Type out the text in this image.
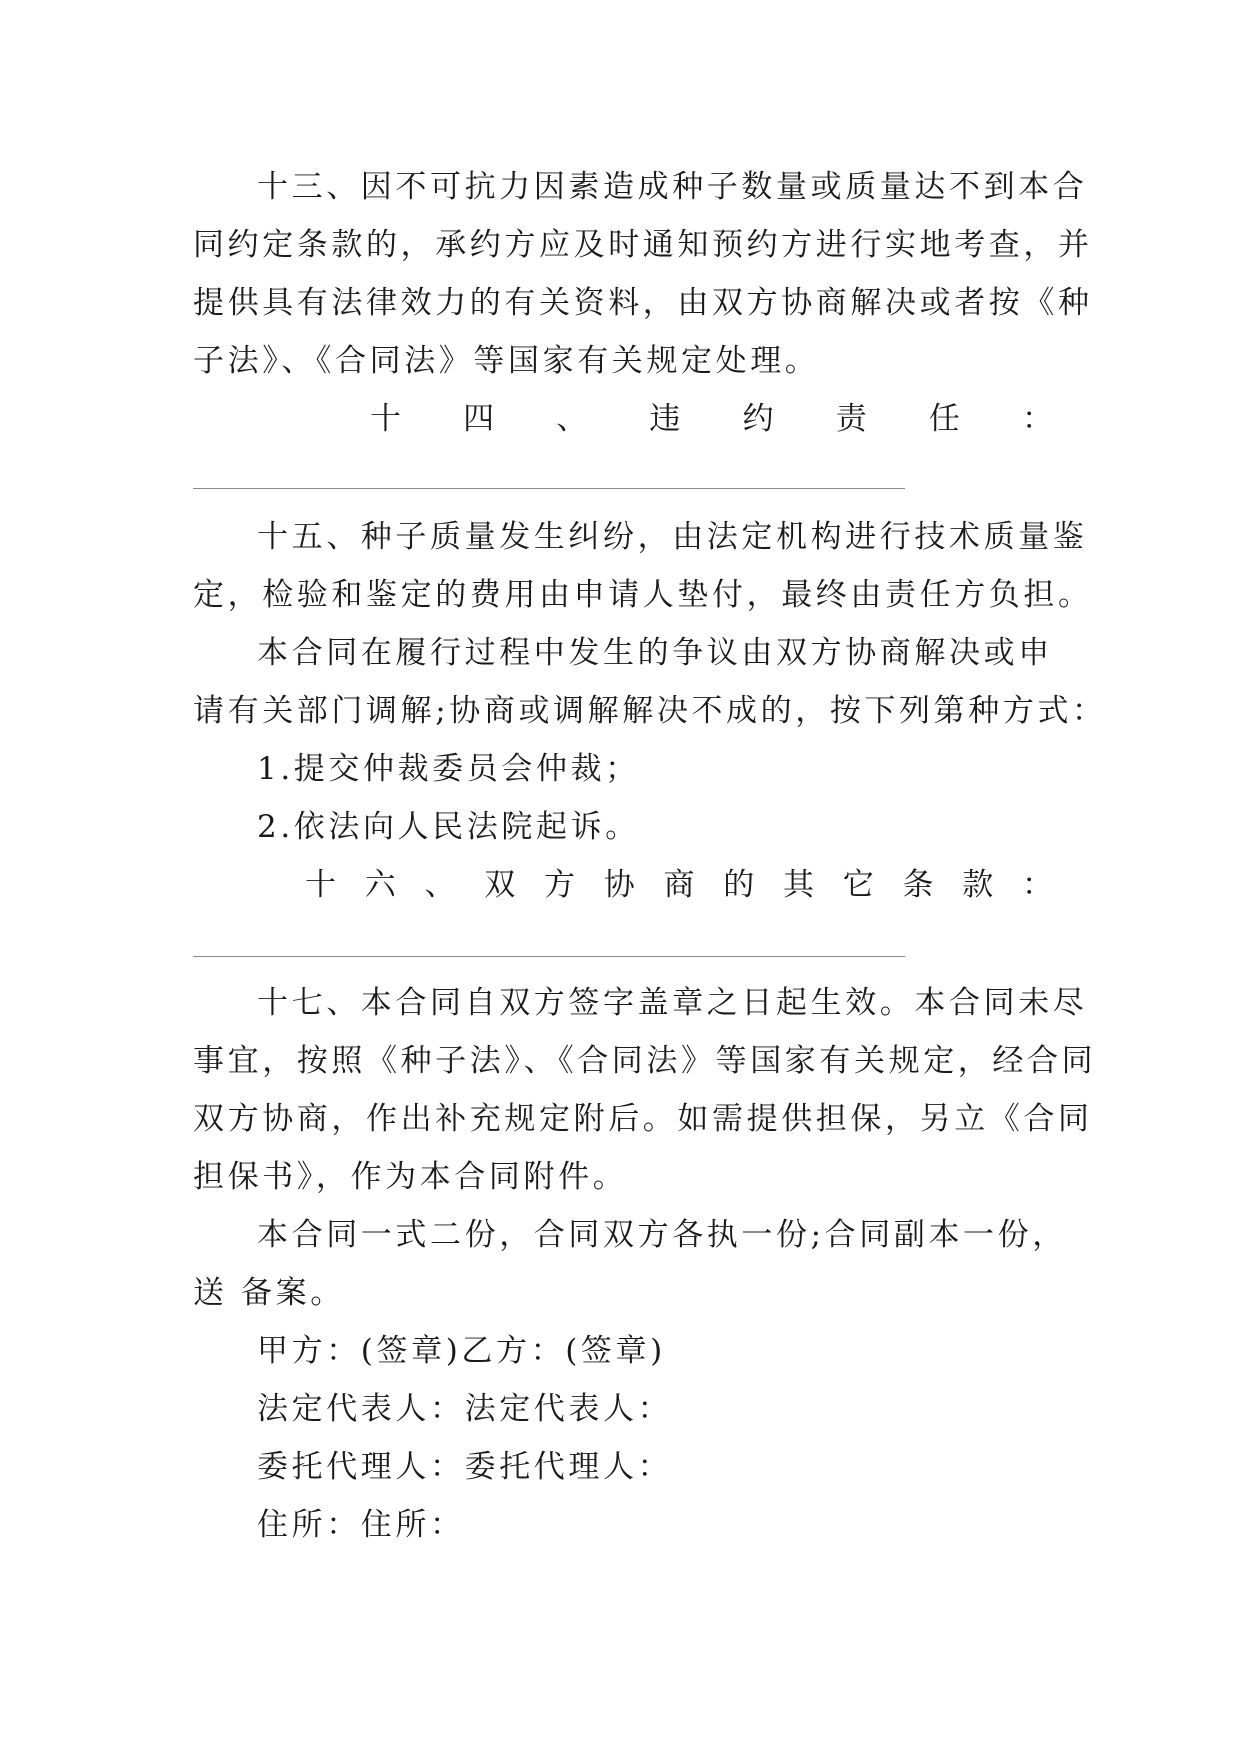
十三、因不可抗力因素造成种子数量或质量达不到本合
同约定条款的，承约方应及时通知预约方进行实地考查，并
提供具有法律效力的有关资料，由双方协商解决或者按《种
子法》、《合同法》等国家有关规定处理。
十 四 、 违 约 责 任 ：
十五、种子质量发生纠纷，由法定机构进行技术质量鉴
定，检验和鉴定的费用由申请人垫付，最终由责任方负担。
本合同在履行过程中发生的争议由双方协商解决或申
请有关部门调解;协商或调解解决不成的，按下列第种方式：
1.提交仲裁委员会仲裁；
2.依法向人民法院起诉。
十 六 、 双 方 协 商 的 其 它 条 款 ：
十七、本合同自双方签字盖章之日起生效。本合同未尽
事宜，按照《种子法》、《合同法》等国家有关规定，经合同
双方协商，作出补充规定附后。如需提供担保，另立《合同
担保书》，作为本合同附件。
本合同一式二份，合同双方各执一份;合同副本一份，
送 备案。
甲方：(签章)乙方：(签章)
法定代表人：法定代表人：
委托代理人：委托代理人：
住所：住所：
